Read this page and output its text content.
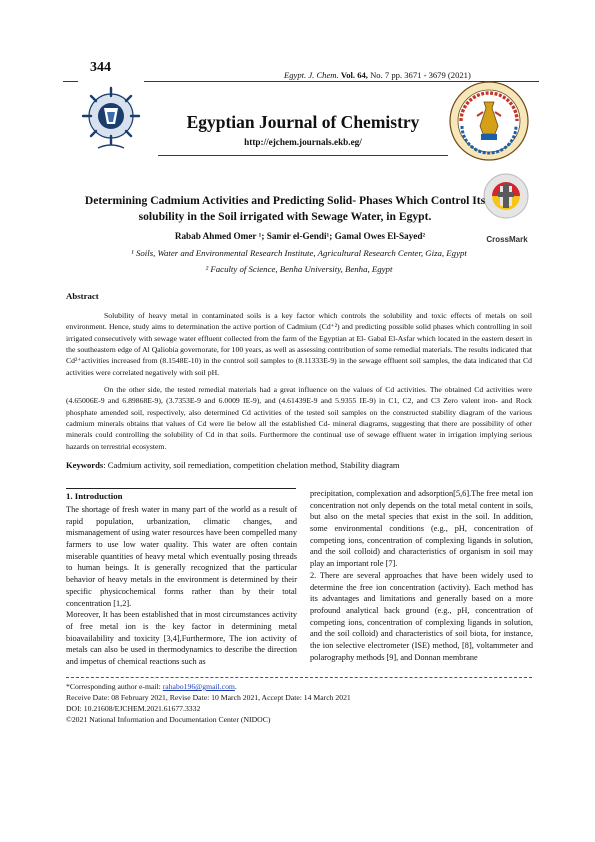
344	Egypt. J. Chem. Vol. 64, No. 7 pp. 3671 - 3679 (2021)
Egyptian Journal of Chemistry
http://ejchem.journals.ekb.eg/
CrossMark
Determining Cadmium Activities and Predicting Solid- Phases Which Control Its solubility in the Soil irrigated with Sewage Water, in Egypt.
Rabab Ahmed Omer ¹; Samir el-Gendi¹; Gamal Owes El-Sayed²
¹ Soils, Water and Environmental Research Institute, Agricultural Research Center, Giza, Egypt
² Faculty of Science, Benha University, Benha, Egypt
Abstract
Solubility of heavy metal in contaminated soils is a key factor which controls the solubility and toxic effects of metals on soil environment. Hence, study aims to determination the active portion of Cadmium (Cd⁺²) and predicting possible solid phases which controlling in soil irrigated consecutively with sewage water effluent collected from the farm of the Egyptian at El- Gabal El-Asfar which located in the eastern desert in the southeastern edge of Al Qaliobia governorate, for 100 years, as well as assessing contribution of some remedial materials. The results indicated that Cd²⁺activities increased from (8.1548E-10) in the control soil samples to (8.11333E-9) in the sewage effluent soil samples, the data indicated that Cd activities were correlated negatively with soil pH.
On the other side, the tested remedial materials had a great influence on the values of Cd activities. The obtained Cd activities were (4.65006E-9 and 6.89868E-9), (3.7353E-9 and 6.0009 IE-9), and (4.61439E-9 and 5.9355 IE-9) in C1, C2, and C3 Zero valent iron- and Rock phosphate amended soil, respectively, also determined Cd activities of the tested soil samples on the constructed stability diagram of the various cadmium minerals obtains that values of Cd were lie below all the established Cd- mineral diagrams, suggesting that there are possibility of other minerals could controlling the solubility of Cd in that soils. Furthermore the continual use of sewage effluent water in irrigation implying serious hazards on terrestrial ecosystem.
Keywords: Cadmium activity, soil remediation, competition chelation method, Stability diagram
1. Introduction

The shortage of fresh water in many part of the world as a result of rapid population, urbanization, climatic changes, and mismanagement of using water resources have been compelled many farmers to use low water quality. This water are often contain miserable quantities of heavy metal which eventually posing threads to human beings. It is generally recognized that the particular behavior of heavy metals in the environment is determined by their specific physicochemical forms rather than by their total concentration [1,2].

Moreover, It has been established that in most circumstances activity of free metal ion is the key factor in determining metal bioavailability and toxicity [3,4],Furthermore, The ion activity of metals can also be used in thermodynamics to describe the direction and impetus of chemical reactions such as

precipitation, complexation and adsorption[5,6].The free metal ion concentration not only depends on the total metal content in soils, but also on the metal species that exist in the soil. In addition, some environmental conditions (e.g., pH, concentration of competing ions, concentration of complexing ligands in solution, and the soil colloid) and characteristics of organism in soil may play an important role [7].

2. There are several approaches that have been widely used to determine the free ion concentration (activity). Each method has its advantages and limitations and generally based on a more profound analytical back ground (e.g., pH, concentration of competing ions, concentration of complexing ligands in solution, and the soil colloid) and characteristics of soil biota, for instance, the ion selective electrometer (ISE) method, [8], voltammeter and polarography methods [9], and Donnan membrane

*Corresponding author e-mail: rahabo196@gmail.com.
Receive Date: 08 February 2021, Revise Date: 10 March 2021, Accept Date: 14 March 2021
DOI: 10.21608/EJCHEM.2021.61677.3332
©2021 National Information and Documentation Center (NIDOC)
